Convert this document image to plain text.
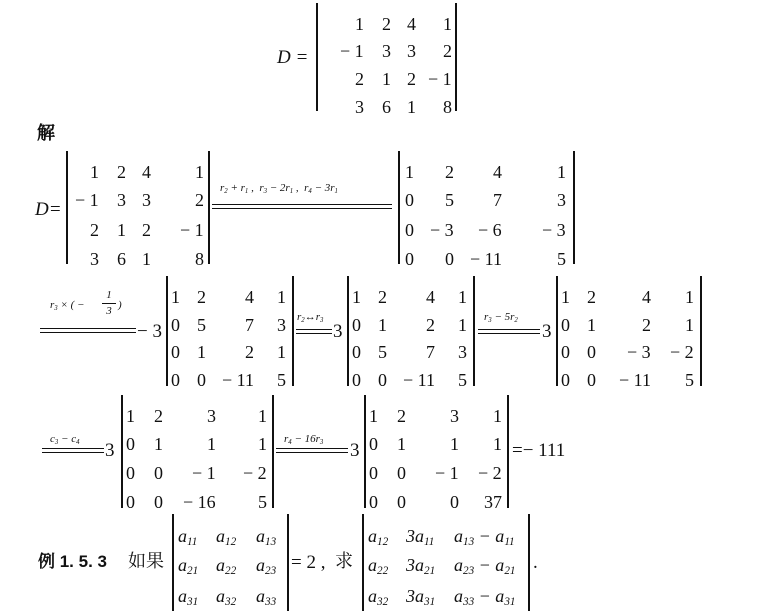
D =
1 2 4 1
− 1 3 3 2
2 1 2 − 1
3 6 1 8
解
D=
1 2 4 1
− 1 3 3 2
2 1 2 − 1
3 6 1 8
$r_2 + r_1$ ,  $r_3 - 2r_1$ ,  $r_4 - 3r_1$
1 2 4	1
0 5 7	3
0 − 3 − 6 − 3
0 0 − 11	5
$r_3$ × ( −
1
3 )
− 3
1 2 4 1
0 5 7 3
0 1 2 1
0 0 − 11 5
$r_2\leftrightarrow r_3$
3
1 2 4 1
0 1 2 1
0 5 7 3
0 0 − 11 5
$r_3 - 5r_2$
3
1 2	4 1
0 1	2 1
0 0 − 3 − 2
0 0 − 11 5
$c_3 - c_4$ 3
1 2 3 1
0 1 1 1
0 0 − 1 − 2
0 0 − 16 5
$r_4 - 16r_3$ 3
1 2 3 1
0 1 1 1
0 0 − 1 − 2
0 0 0 37
=− 111
例 1. 5. 3 如果
$a_{11}$ $a_{12}$ $a_{13}$
$a_{21}$ $a_{22}$ $a_{23}$
$a_{31}$ $a_{32}$ $a_{33}$
= 2 , 求
$a_{12}$ $3a_{11}$ $a_{13} - a_{11}$
$a_{22}$ $3a_{21}$ $a_{23} - a_{21}$
$a_{32}$ $3a_{31}$ $a_{33} - a_{31}$
.
